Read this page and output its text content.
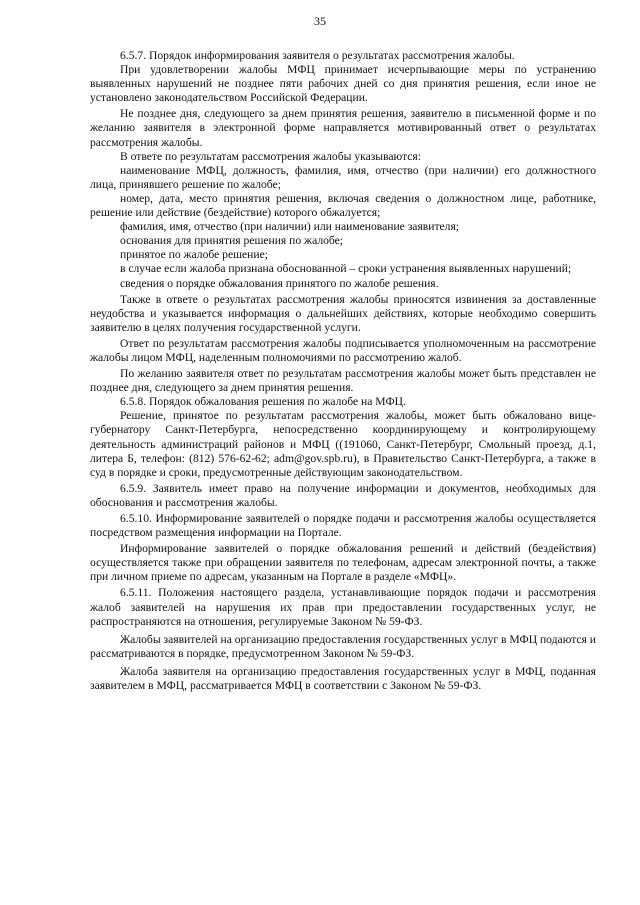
35

6.5.7. Порядок информирования заявителя о результатах рассмотрения жалобы.

При удовлетворении жалобы МФЦ принимает исчерпывающие меры по устранению выявленных нарушений не позднее пяти рабочих дней со дня принятия решения, если иное не установлено законодательством Российской Федерации.

Не позднее дня, следующего за днем принятия решения, заявителю в письменной форме и по желанию заявителя в электронной форме направляется мотивированный ответ о результатах рассмотрения жалобы.

В ответе по результатам рассмотрения жалобы указываются:

наименование МФЦ, должность, фамилия, имя, отчество (при наличии) его должностного лица, принявшего решение по жалобе;

номер, дата, место принятия решения, включая сведения о должностном лице, работнике, решение или действие (бездействие) которого обжалуется;

фамилия, имя, отчество (при наличии) или наименование заявителя;

основания для принятия решения по жалобе;

принятое по жалобе решение;

в случае если жалоба признана обоснованной – сроки устранения выявленных нарушений;

сведения о порядке обжалования принятого по жалобе решения.

Также в ответе о результатах рассмотрения жалобы приносятся извинения за доставленные неудобства и указывается информация о дальнейших действиях, которые необходимо совершить заявителю в целях получения государственной услуги.

Ответ по результатам рассмотрения жалобы подписывается уполномоченным на рассмотрение жалобы лицом МФЦ, наделенным полномочиями по рассмотрению жалоб.

По желанию заявителя ответ по результатам рассмотрения жалобы может быть представлен не позднее дня, следующего за днем принятия решения.

6.5.8. Порядок обжалования решения по жалобе на МФЦ.

Решение, принятое по результатам рассмотрения жалобы, может быть обжаловано вице-губернатору Санкт-Петербурга, непосредственно координирующему и контролирующему деятельность администраций районов и МФЦ ((191060, Санкт-Петербург, Смольный проезд, д.1, литера Б, телефон: (812) 576-62-62; adm@gov.spb.ru), в Правительство Санкт-Петербурга, а также в суд в порядке и сроки, предусмотренные действующим законодательством.

6.5.9. Заявитель имеет право на получение информации и документов, необходимых для обоснования и рассмотрения жалобы.

6.5.10. Информирование заявителей о порядке подачи и рассмотрения жалобы осуществляется посредством размещения информации на Портале.

Информирование заявителей о порядке обжалования решений и действий (бездействия) осуществляется также при обращении заявителя по телефонам, адресам электронной почты, а также при личном приеме по адресам, указанным на Портале в разделе «МФЦ».

6.5.11. Положения настоящего раздела, устанавливающие порядок подачи и рассмотрения жалоб заявителей на нарушения их прав при предоставлении государственных услуг, не распространяются на отношения, регулируемые Законом № 59-ФЗ.

Жалобы заявителей на организацию предоставления государственных услуг в МФЦ подаются и рассматриваются в порядке, предусмотренном Законом № 59-ФЗ.

Жалоба заявителя на организацию предоставления государственных услуг в МФЦ, поданная заявителем в МФЦ, рассматривается МФЦ в соответствии с Законом № 59-ФЗ.
